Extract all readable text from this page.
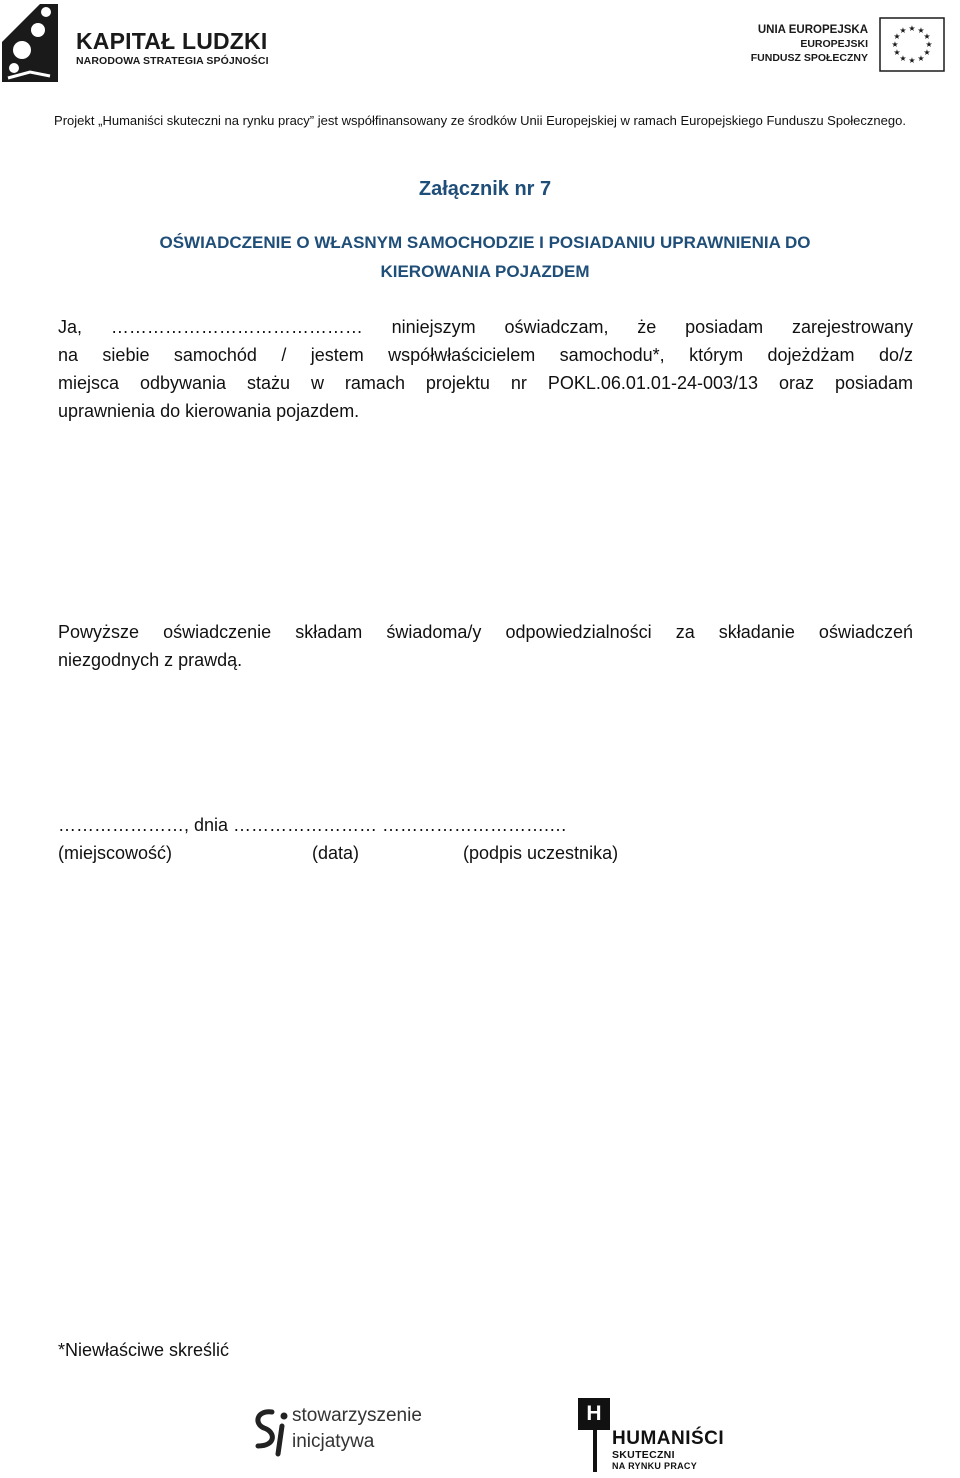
KAPITAŁ LUDZKI
NARODOWA STRATEGIA SPÓJNOŚCI
UNIA EUROPEJSKA
EUROPEJSKI
FUNDUSZ SPOŁECZNY
★ ★
★
★
★
★
★
★
★
★
★
★
Projekt „Humaniści skuteczni na rynku pracy” jest współfinansowany ze środków Unii Europejskiej w ramach Europejskiego Funduszu Społecznego.
Załącznik nr 7
OŚWIADCZENIE O WŁASNYM SAMOCHODZIE I POSIADANIU UPRAWNIENIA DO
KIEROWANIA POJAZDEM
Ja, …………………………………… niniejszym oświadczam, że posiadam zarejestrowany
na siebie samochód / jestem współwłaścicielem samochodu*, którym dojeżdżam do/z
miejsca odbywania stażu w ramach projektu nr POKL.06.01.01-24-003/13 oraz posiadam
uprawnienia do kierowania pojazdem.
Powyższe oświadczenie składam świadoma/y odpowiedzialności za składanie oświadczeń
niezgodnych z prawdą.
…………………, dnia …………………… ……………………….…
(miejscowość)	(data)	(podpis uczestnika)
*Niewłaściwe skreślić
stowarzyszenie
inicjatywa
H
HUMANIŚCI
SKUTECZNI
NA RYNKU PRACY
